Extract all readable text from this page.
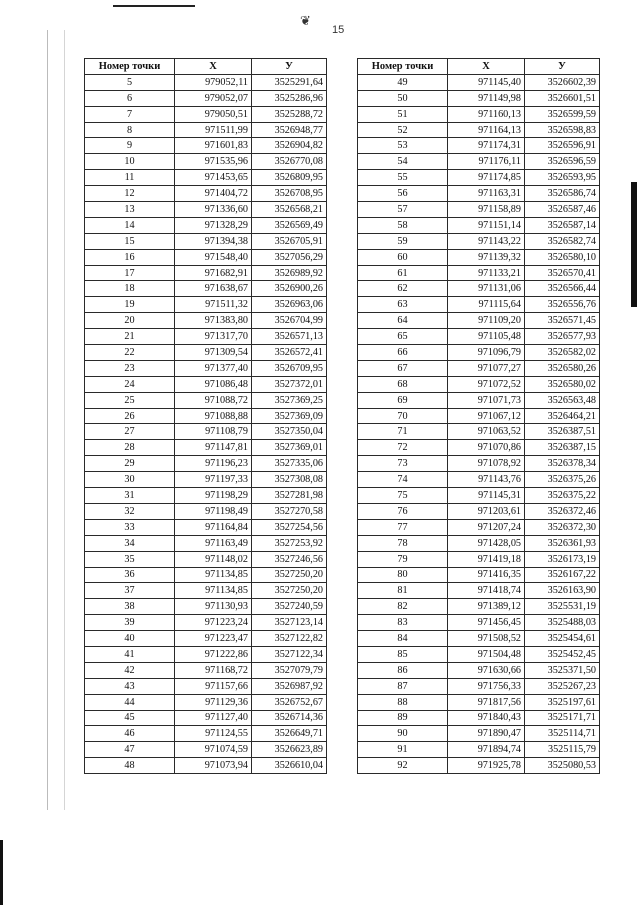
❦
15
Номер точки	Х	У
5	979052,11	3525291,64
6	979052,07	3525286,96
7	979050,51	3525288,72
8	971511,99	3526948,77
9	971601,83	3526904,82
10	971535,96	3526770,08
11	971453,65	3526809,95
12	971404,72	3526708,95
13	971336,60	3526568,21
14	971328,29	3526569,49
15	971394,38	3526705,91
16	971548,40	3527056,29
17	971682,91	3526989,92
18	971638,67	3526900,26
19	971511,32	3526963,06
20	971383,80	3526704,99
21	971317,70	3526571,13
22	971309,54	3526572,41
23	971377,40	3526709,95
24	971086,48	3527372,01
25	971088,72	3527369,25
26	971088,88	3527369,09
27	971108,79	3527350,04
28	971147,81	3527369,01
29	971196,23	3527335,06
30	971197,33	3527308,08
31	971198,29	3527281,98
32	971198,49	3527270,58
33	971164,84	3527254,56
34	971163,49	3527253,92
35	971148,02	3527246,56
36	971134,85	3527250,20
37	971134,85	3527250,20
38	971130,93	3527240,59
39	971223,24	3527123,14
40	971223,47	3527122,82
41	971222,86	3527122,34
42	971168,72	3527079,79
43	971157,66	3526987,92
44	971129,36	3526752,67
45	971127,40	3526714,36
46	971124,55	3526649,71
47	971074,59	3526623,89
48	971073,94	3526610,04
Номер точки	Х	У
49	971145,40	3526602,39
50	971149,98	3526601,51
51	971160,13	3526599,59
52	971164,13	3526598,83
53	971174,31	3526596,91
54	971176,11	3526596,59
55	971174,85	3526593,95
56	971163,31	3526586,74
57	971158,89	3526587,46
58	971151,14	3526587,14
59	971143,22	3526582,74
60	971139,32	3526580,10
61	971133,21	3526570,41
62	971131,06	3526566,44
63	971115,64	3526556,76
64	971109,20	3526571,45
65	971105,48	3526577,93
66	971096,79	3526582,02
67	971077,27	3526580,26
68	971072,52	3526580,02
69	971071,73	3526563,48
70	971067,12	3526464,21
71	971063,52	3526387,51
72	971070,86	3526387,15
73	971078,92	3526378,34
74	971143,76	3526375,26
75	971145,31	3526375,22
76	971203,61	3526372,46
77	971207,24	3526372,30
78	971428,05	3526361,93
79	971419,18	3526173,19
80	971416,35	3526167,22
81	971418,74	3526163,90
82	971389,12	3525531,19
83	971456,45	3525488,03
84	971508,52	3525454,61
85	971504,48	3525452,45
86	971630,66	3525371,50
87	971756,33	3525267,23
88	971817,56	3525197,61
89	971840,43	3525171,71
90	971890,47	3525114,71
91	971894,74	3525115,79
92	971925,78	3525080,53
